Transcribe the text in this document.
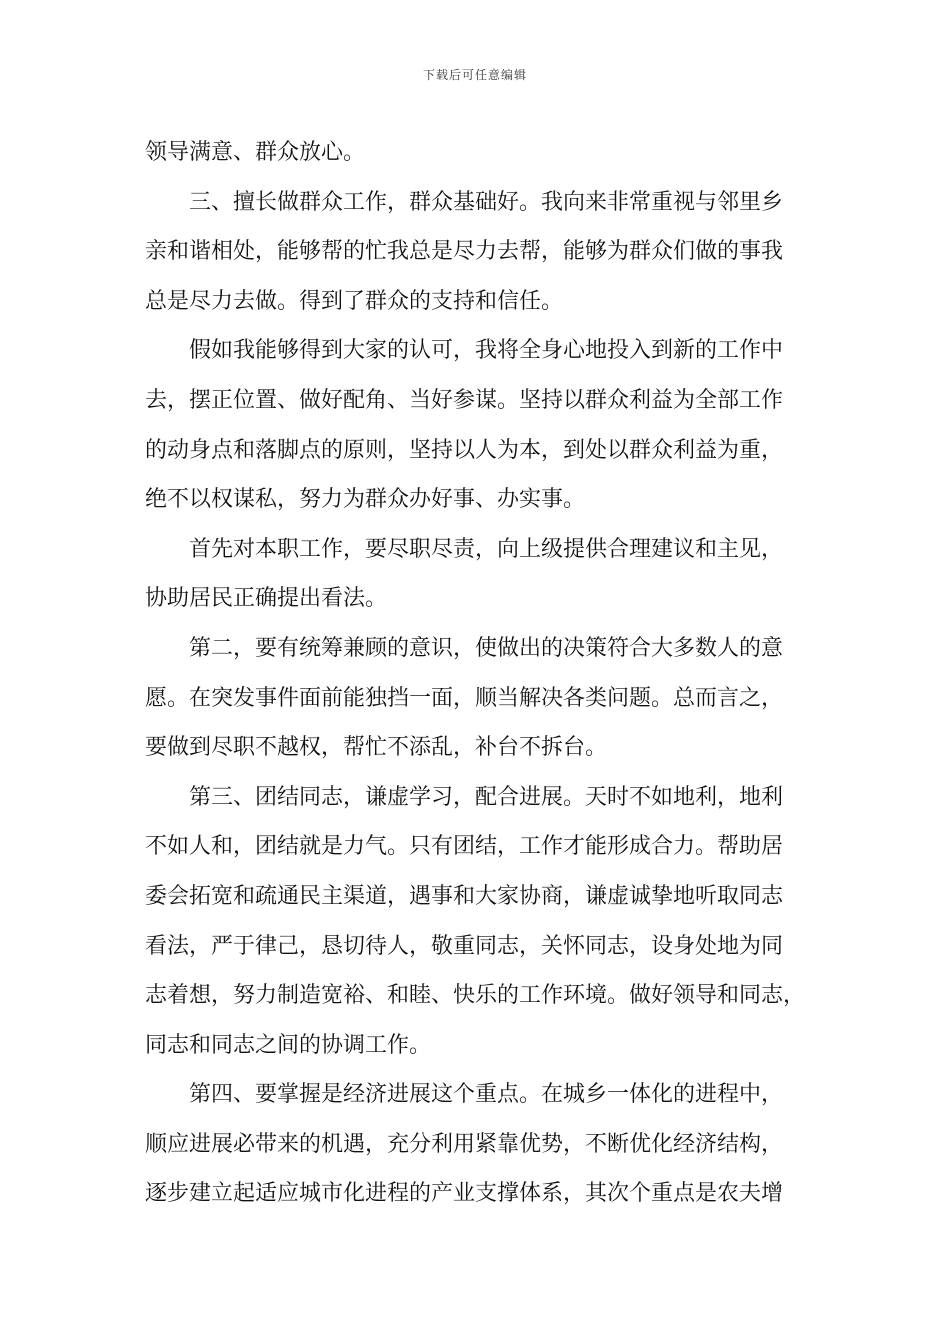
下载后可任意编辑
领导满意、群众放心。
三、擅长做群众工作，群众基础好。我向来非常重视与邻里乡
亲和谐相处，能够帮的忙我总是尽力去帮，能够为群众们做的事我
总是尽力去做。得到了群众的支持和信任。
假如我能够得到大家的认可，我将全身心地投入到新的工作中
去，摆正位置、做好配角、当好参谋。坚持以群众利益为全部工作
的动身点和落脚点的原则，坚持以人为本，到处以群众利益为重，
绝不以权谋私，努力为群众办好事、办实事。
首先对本职工作，要尽职尽责，向上级提供合理建议和主见，
协助居民正确提出看法。
第二，要有统筹兼顾的意识，使做出的决策符合大多数人的意
愿。在突发事件面前能独挡一面，顺当解决各类问题。总而言之，
要做到尽职不越权，帮忙不添乱，补台不拆台。
第三、团结同志，谦虚学习，配合进展。天时不如地利，地利
不如人和，团结就是力气。只有团结，工作才能形成合力。帮助居
委会拓宽和疏通民主渠道，遇事和大家协商，谦虚诚挚地听取同志
看法，严于律己，恳切待人，敬重同志，关怀同志，设身处地为同
志着想，努力制造宽裕、和睦、快乐的工作环境。做好领导和同志，
同志和同志之间的协调工作。
第四、要掌握是经济进展这个重点。在城乡一体化的进程中，
顺应进展必带来的机遇，充分利用紧靠优势，不断优化经济结构，
逐步建立起适应城市化进程的产业支撑体系，其次个重点是农夫增
